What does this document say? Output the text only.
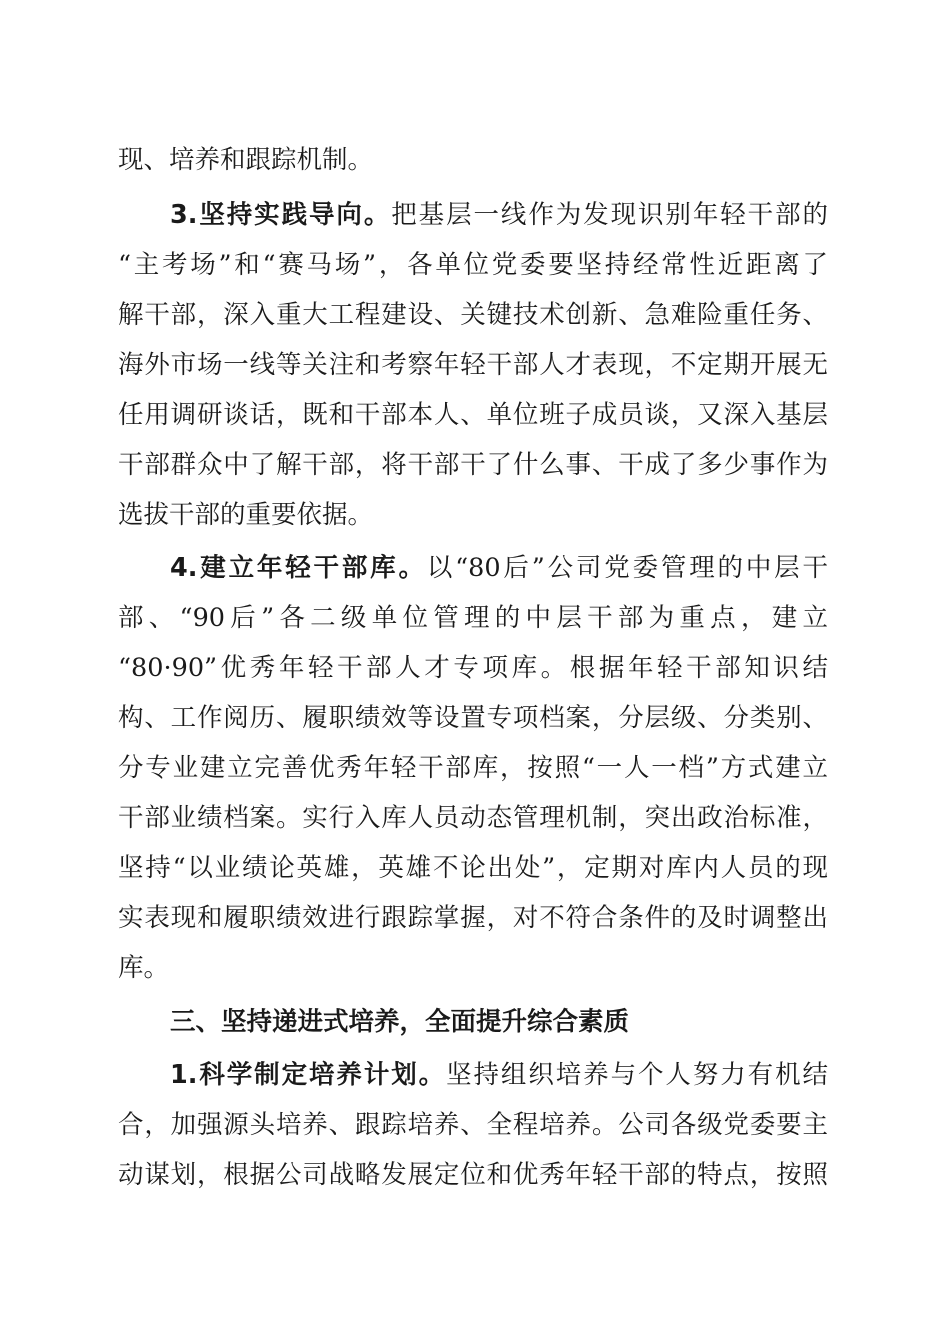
现、培养和跟踪机制。
3.坚持实践导向。把基层一线作为发现识别年轻干部的
“主考场”和“赛马场”，各单位党委要坚持经常性近距离了
解干部，深入重大工程建设、关键技术创新、急难险重任务、
海外市场一线等关注和考察年轻干部人才表现，不定期开展无
任用调研谈话，既和干部本人、单位班子成员谈，又深入基层
干部群众中了解干部，将干部干了什么事、干成了多少事作为
选拔干部的重要依据。
4.建立年轻干部库。以“80后”公司党委管理的中层干
部、“90后”各二级单位管理的中层干部为重点，建立
“80·90”优秀年轻干部人才专项库。根据年轻干部知识结
构、工作阅历、履职绩效等设置专项档案，分层级、分类别、
分专业建立完善优秀年轻干部库，按照“一人一档”方式建立
干部业绩档案。实行入库人员动态管理机制，突出政治标准，
坚持“以业绩论英雄，英雄不论出处”，定期对库内人员的现
实表现和履职绩效进行跟踪掌握，对不符合条件的及时调整出
库。
三、坚持递进式培养，全面提升综合素质
1.科学制定培养计划。坚持组织培养与个人努力有机结
合，加强源头培养、跟踪培养、全程培养。公司各级党委要主
动谋划，根据公司战略发展定位和优秀年轻干部的特点，按照
